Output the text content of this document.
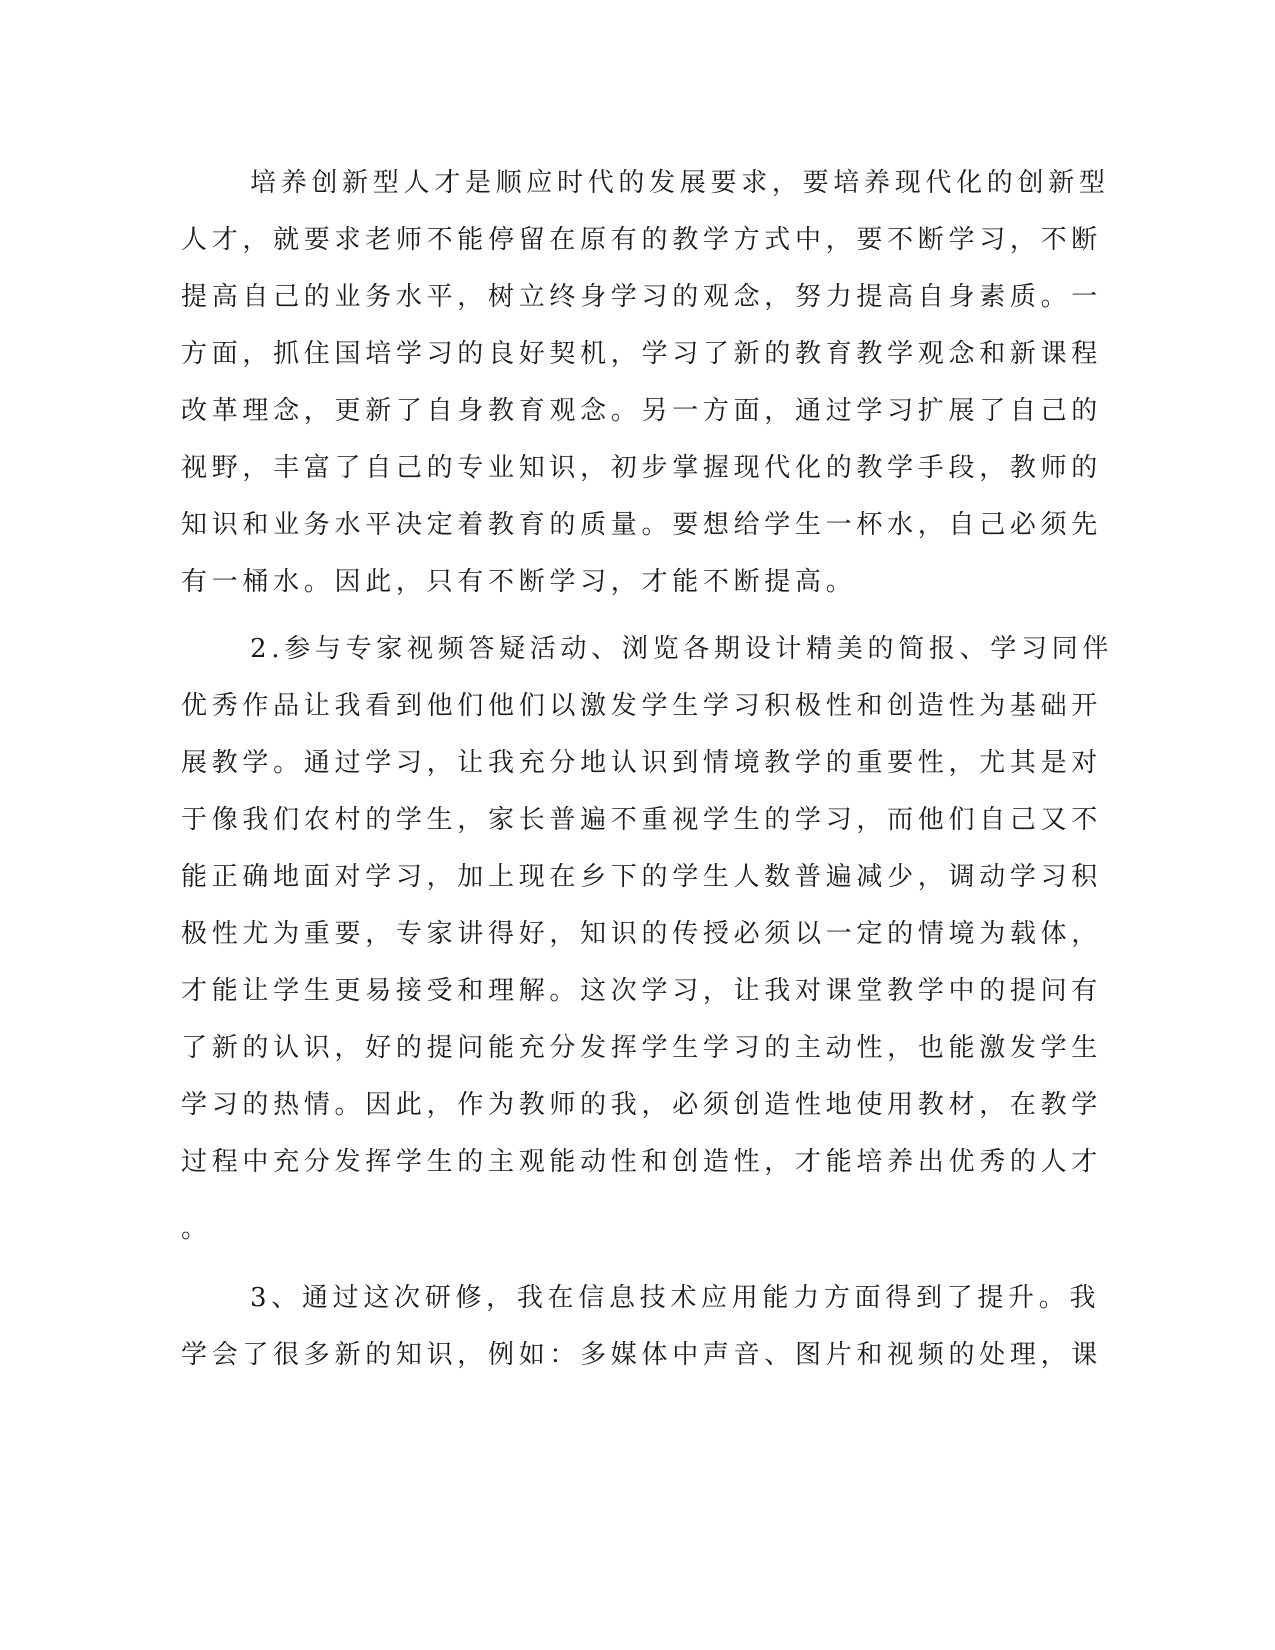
培养创新型人才是顺应时代的发展要求，要培养现代化的创新型
人才，就要求老师不能停留在原有的教学方式中，要不断学习，不断
提高自己的业务水平，树立终身学习的观念，努力提高自身素质。一
方面，抓住国培学习的良好契机，学习了新的教育教学观念和新课程
改革理念，更新了自身教育观念。另一方面，通过学习扩展了自己的
视野，丰富了自己的专业知识，初步掌握现代化的教学手段，教师的
知识和业务水平决定着教育的质量。要想给学生一杯水，自己必须先
有一桶水。因此，只有不断学习，才能不断提高。
2.参与专家视频答疑活动、浏览各期设计精美的简报、学习同伴
优秀作品让我看到他们他们以激发学生学习积极性和创造性为基础开
展教学。通过学习，让我充分地认识到情境教学的重要性，尤其是对
于像我们农村的学生，家长普遍不重视学生的学习，而他们自己又不
能正确地面对学习，加上现在乡下的学生人数普遍减少，调动学习积
极性尤为重要，专家讲得好，知识的传授必须以一定的情境为载体，
才能让学生更易接受和理解。这次学习，让我对课堂教学中的提问有
了新的认识，好的提问能充分发挥学生学习的主动性，也能激发学生
学习的热情。因此，作为教师的我，必须创造性地使用教材，在教学
过程中充分发挥学生的主观能动性和创造性，才能培养出优秀的人才
。
3、通过这次研修，我在信息技术应用能力方面得到了提升。我
学会了很多新的知识，例如：多媒体中声音、图片和视频的处理，课
